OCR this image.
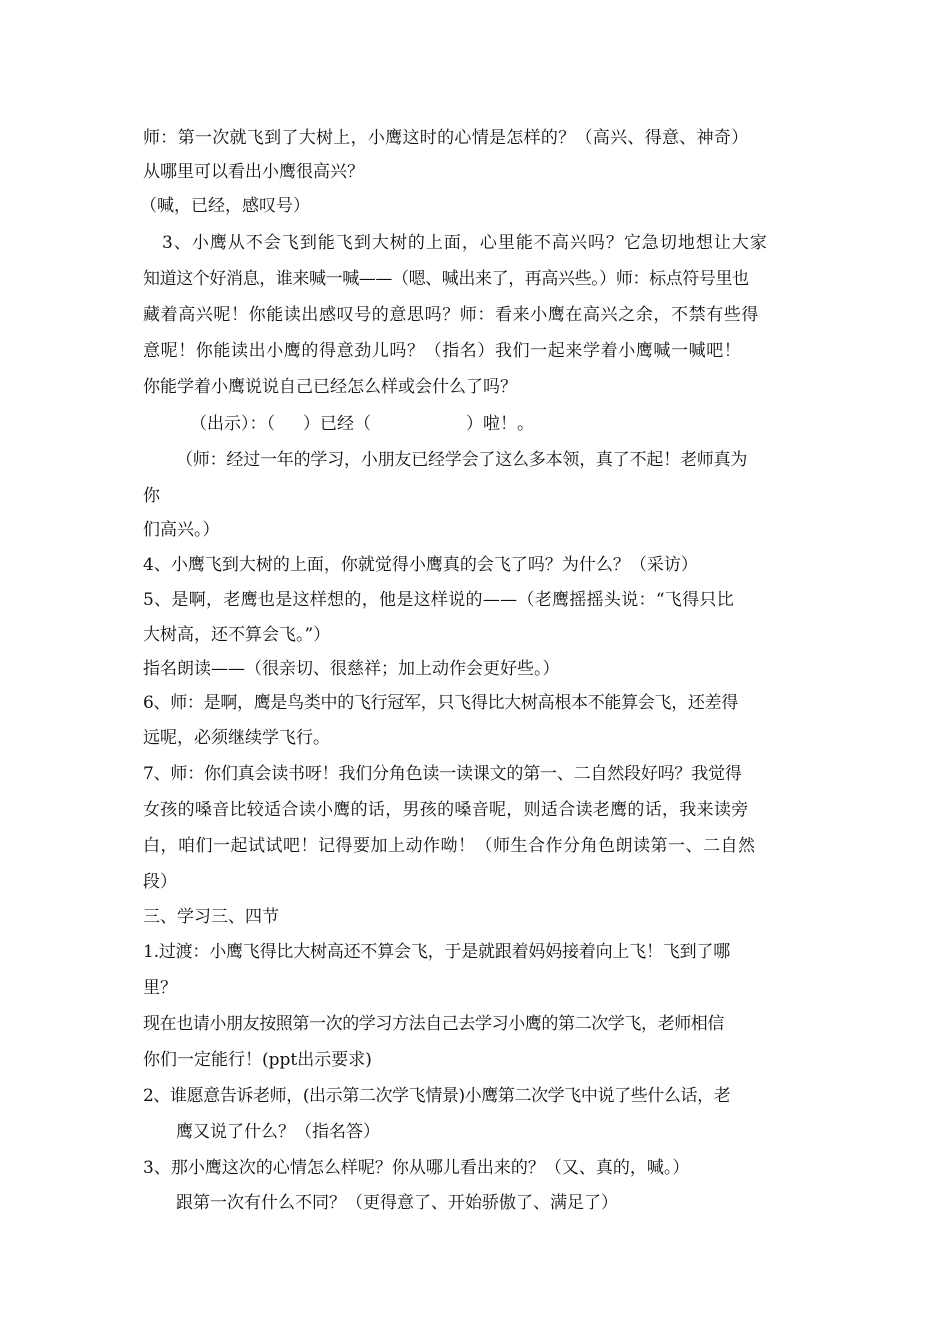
师：第一次就飞到了大树上，小鹰这时的心情是怎样的？（高兴、得意、神奇）
从哪里可以看出小鹰很高兴？
（喊，已经，感叹号）
3、小鹰从不会飞到能飞到大树的上面，心里能不高兴吗？它急切地想让大家
知道这个好消息，谁来喊一喊——（嗯、喊出来了，再高兴些。）师：标点符号里也
藏着高兴呢！你能读出感叹号的意思吗？师：看来小鹰在高兴之余，不禁有些得
意呢！你能读出小鹰的得意劲儿吗？（指名）我们一起来学着小鹰喊一喊吧！
你能学着小鹰说说自己已经怎么样或会什么了吗？
（出示）：（ ）已经（	）啦！。
（师：经过一年的学习，小朋友已经学会了这么多本领，真了不起！老师真为
你
们高兴。）
4、小鹰飞到大树的上面，你就觉得小鹰真的会飞了吗？为什么？（采访）
5、是啊，老鹰也是这样想的，他是这样说的——（老鹰摇摇头说：“飞得只比
大树高，还不算会飞。”）
指名朗读——（很亲切、很慈祥；加上动作会更好些。）
6、师：是啊，鹰是鸟类中的飞行冠军，只飞得比大树高根本不能算会飞，还差得
远呢，必须继续学飞行。
7、师：你们真会读书呀！我们分角色读一读课文的第一、二自然段好吗？我觉得
女孩的嗓音比较适合读小鹰的话，男孩的嗓音呢，则适合读老鹰的话，我来读旁
白，咱们一起试试吧！记得要加上动作呦！（师生合作分角色朗读第一、二自然
段）
三、学习三、四节
1.过渡：小鹰飞得比大树高还不算会飞，于是就跟着妈妈接着向上飞！飞到了哪
里？
现在也请小朋友按照第一次的学习方法自己去学习小鹰的第二次学飞，老师相信
你们一定能行！(ppt出示要求)
2、谁愿意告诉老师，(出示第二次学飞情景)小鹰第二次学飞中说了些什么话，老
鹰又说了什么？（指名答）
3、那小鹰这次的心情怎么样呢？你从哪儿看出来的？（又、真的，喊。）
跟第一次有什么不同？（更得意了、开始骄傲了、满足了）
